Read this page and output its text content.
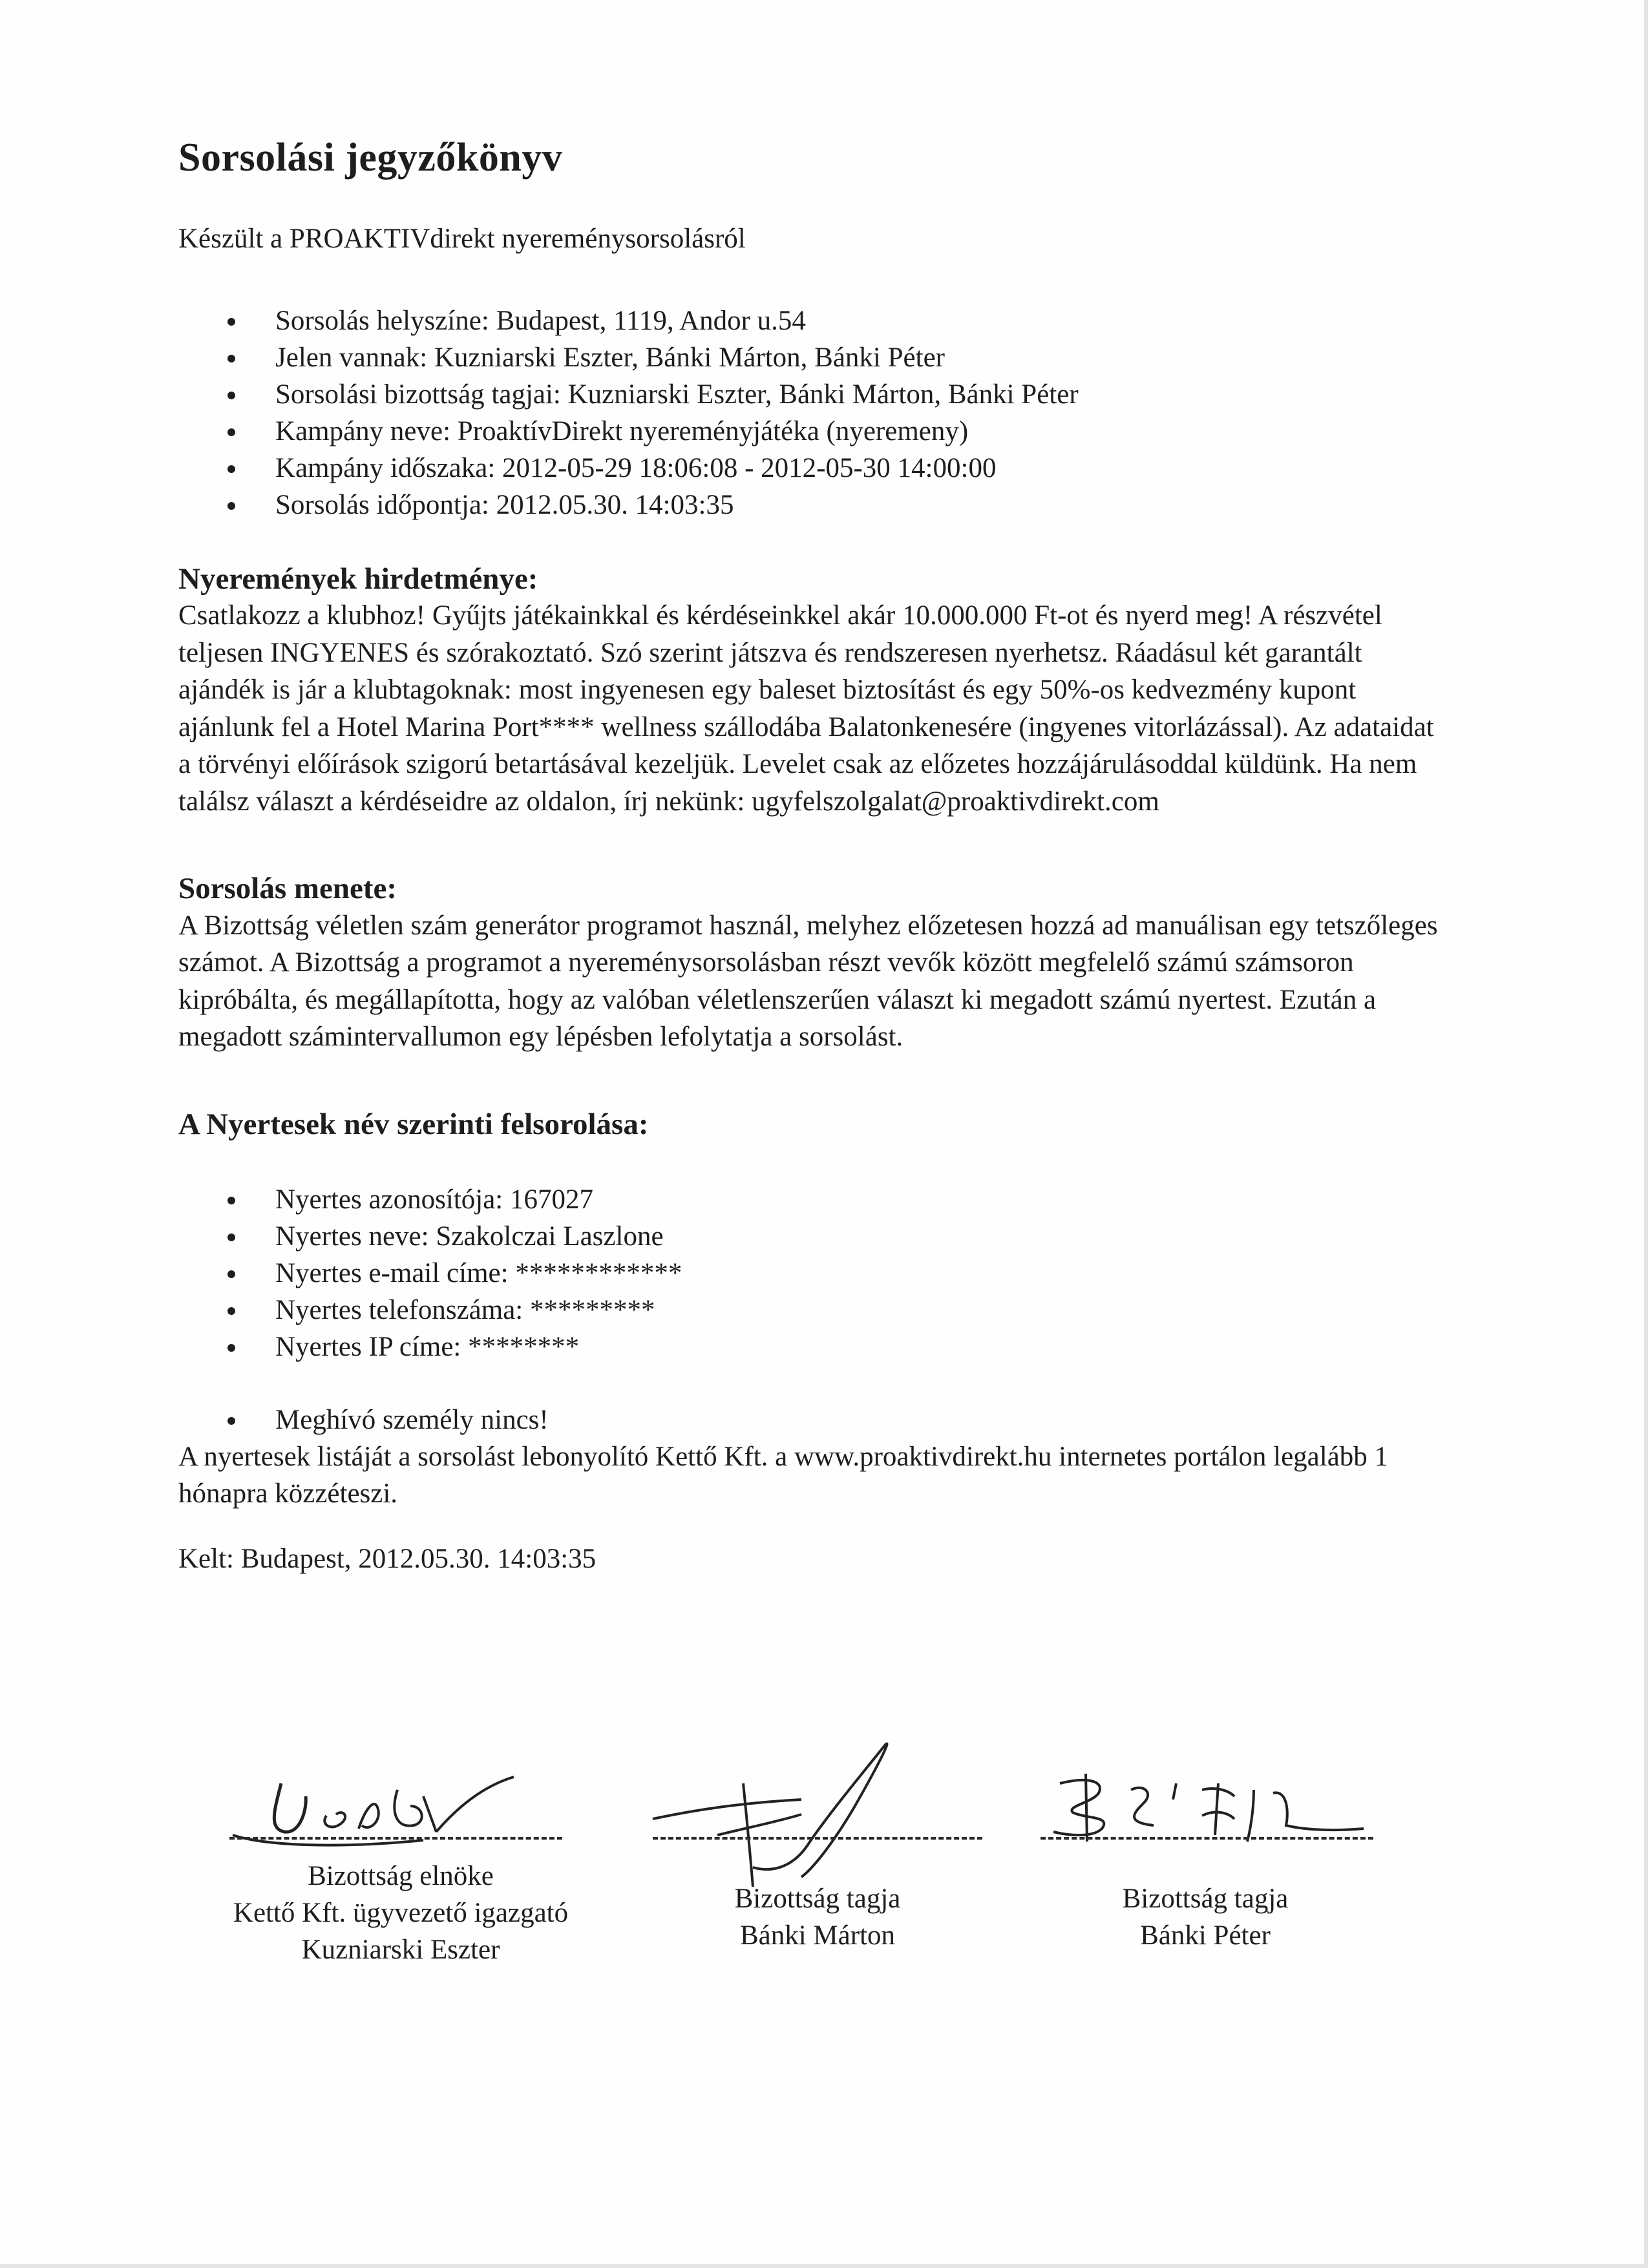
Sorsolási jegyzőkönyv
Készült a PROAKTIVdirekt nyereménysorsolásról
Sorsolás helyszíne: Budapest, 1119, Andor u.54
Jelen vannak: Kuzniarski Eszter, Bánki Márton, Bánki Péter
Sorsolási bizottság tagjai: Kuzniarski Eszter, Bánki Márton, Bánki Péter
Kampány neve: ProaktívDirekt nyereményjátéka (nyeremeny)
Kampány időszaka: 2012-05-29 18:06:08 - 2012-05-30 14:00:00
Sorsolás időpontja: 2012.05.30. 14:03:35
Nyeremények hirdetménye:

Csatlakozz a klubhoz! Gyűjts játékainkkal és kérdéseinkkel akár 10.000.000 Ft-ot és nyerd meg! A részvétel teljesen INGYENES és szórakoztató. Szó szerint játszva és rendszeresen nyerhetsz. Ráadásul két garantált ajándék is jár a klubtagoknak: most ingyenesen egy baleset biztosítást és egy 50%-os kedvezmény kupont ajánlunk fel a Hotel Marina Port**** wellness szállodába Balatonkenesére (ingyenes vitorlázással). Az adataidat a törvényi előírások szigorú betartásával kezeljük. Levelet csak az előzetes hozzájárulásoddal küldünk. Ha nem találsz választ a kérdéseidre az oldalon, írj nekünk: ugyfelszolgalat@proaktivdirekt.com

Sorsolás menete:

A Bizottság véletlen szám generátor programot használ, melyhez előzetesen hozzá ad manuálisan egy tetszőleges számot. A Bizottság a programot a nyereménysorsolásban részt vevők között megfelelő számú számsoron kipróbálta, és megállapította, hogy az valóban véletlenszerűen választ ki megadott számú nyertest. Ezután a megadott számintervallumon egy lépésben lefolytatja a sorsolást.

A Nyertesek név szerinti felsorolása:
Nyertes azonosítója: 167027
Nyertes neve: Szakolczai Laszlone
Nyertes e-mail címe: ************
Nyertes telefonszáma: *********
Nyertes IP címe: ********
Meghívó személy nincs!

A nyertesek listáját a sorsolást lebonyolító Kettő Kft. a www.proaktivdirekt.hu internetes portálon legalább 1 hónapra közzéteszi.

Kelt: Budapest, 2012.05.30. 14:03:35
Bizottság elnöke
Kettő Kft. ügyvezető igazgató
Kuzniarski Eszter
Bizottság tagja
Bánki Márton
Bizottság tagja
Bánki Péter
